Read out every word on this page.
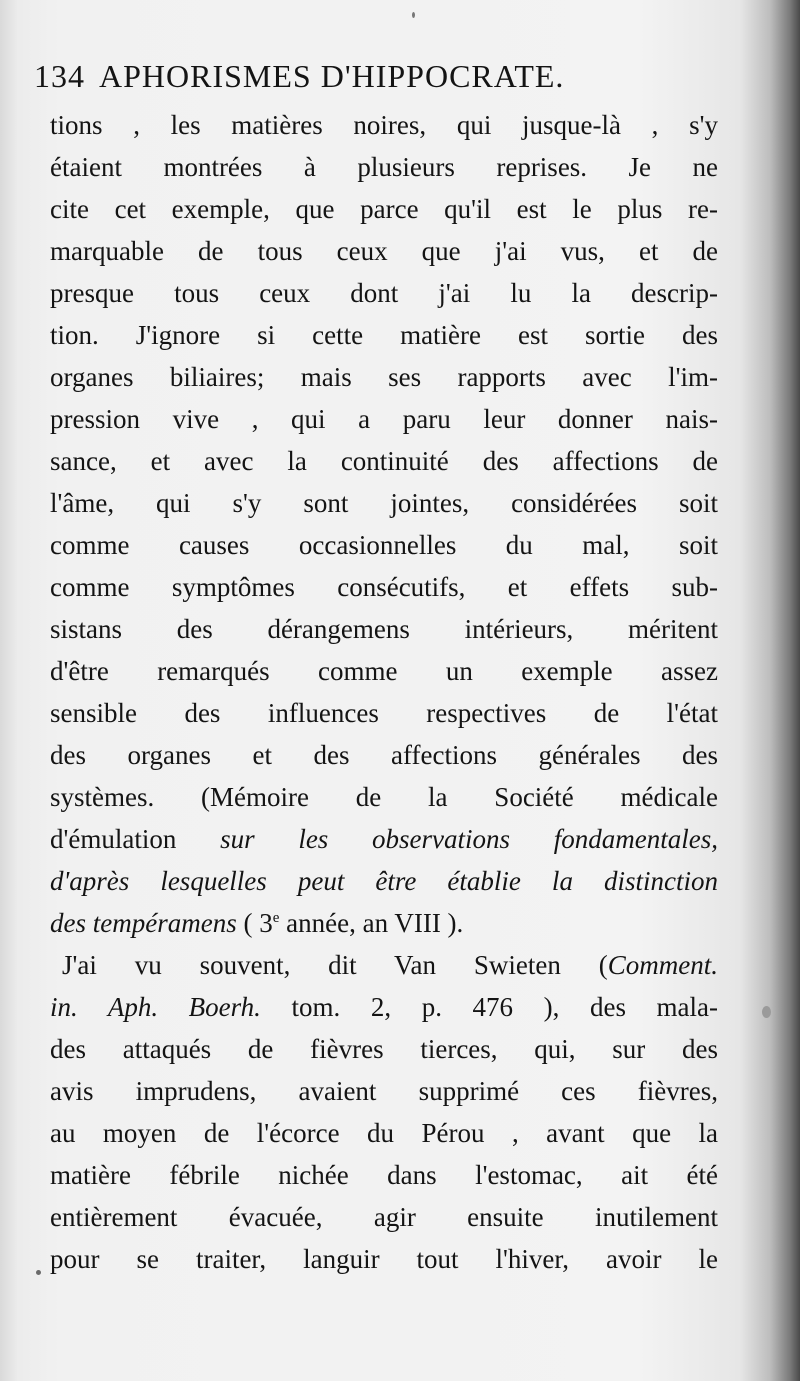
134 APHORISMES D'HIPPOCRATE.
tions , les matières noires, qui jusque-là , s'y
étaient montrées à plusieurs reprises. Je ne
cite cet exemple, que parce qu'il est le plus re-
marquable de tous ceux que j'ai vus, et de
presque tous ceux dont j'ai lu la descrip-
tion. J'ignore si cette matière est sortie des
organes biliaires; mais ses rapports avec l'im-
pression vive , qui a paru leur donner nais-
sance, et avec la continuité des affections de
l'âme, qui s'y sont jointes, considérées soit
comme causes occasionnelles du mal, soit
comme symptômes consécutifs, et effets sub-
sistans des dérangemens intérieurs, méritent
d'être remarqués comme un exemple assez
sensible des influences respectives de l'état
des organes et des affections générales des
systèmes. (Mémoire de la Société médicale
d'émulation sur les observations fondamentales,
d'après lesquelles peut être établie la distinction
des tempéramens ( 3e année, an VIII ).
J'ai vu souvent, dit Van Swieten (Comment.
in. Aph. Boerh. tom. 2, p. 476 ), des mala-
des attaqués de fièvres tierces, qui, sur des
avis imprudens, avaient supprimé ces fièvres,
au moyen de l'écorce du Pérou , avant que la
matière fébrile nichée dans l'estomac, ait été
entièrement évacuée, agir ensuite inutilement
pour se traiter, languir tout l'hiver, avoir le
